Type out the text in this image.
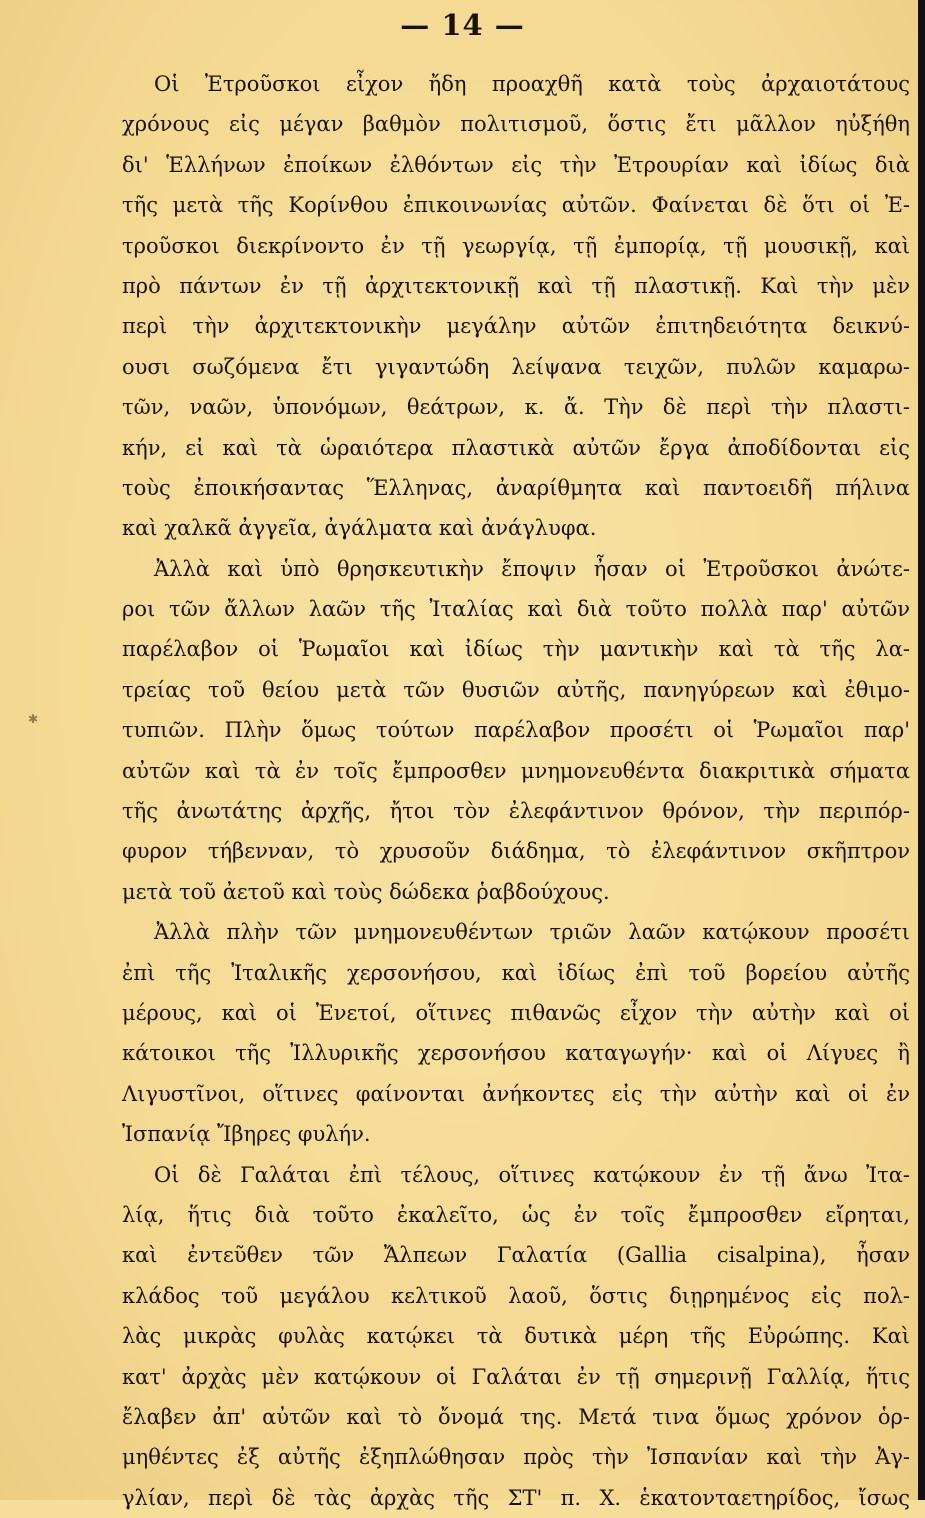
✱
— 14 —
Οἱ Ἐτροῦσκοι εἶχον ἤδη προαχθῆ κατὰ τοὺς ἀρχαιοτάτους
χρόνους εἰς μέγαν βαθμὸν πολιτισμοῦ, ὅστις ἔτι μᾶλλον ηὐξήθη
δι' Ἑλλήνων ἐποίκων ἐλθόντων εἰς τὴν Ἐτρουρίαν καὶ ἰδίως διὰ
τῆς μετὰ τῆς Κορίνθου ἐπικοινωνίας αὐτῶν. Φαίνεται δὲ ὅτι οἱ Ἐ-
τροῦσκοι διεκρίνοντο ἐν τῇ γεωργίᾳ, τῇ ἐμπορίᾳ, τῇ μουσικῇ, καὶ
πρὸ πάντων ἐν τῇ ἀρχιτεκτονικῇ καὶ τῇ πλαστικῇ. Καὶ τὴν μὲν
περὶ τὴν ἀρχιτεκτονικὴν μεγάλην αὐτῶν ἐπιτηδειότητα δεικνύ-
ουσι σωζόμενα ἔτι γιγαντώδη λείψανα τειχῶν, πυλῶν καμαρω-
τῶν, ναῶν, ὑπονόμων, θεάτρων, κ. ἄ. Τὴν δὲ περὶ τὴν πλαστι-
κήν, εἰ καὶ τὰ ὡραιότερα πλαστικὰ αὐτῶν ἔργα ἀποδίδονται εἰς
τοὺς ἐποικήσαντας Ἕλληνας, ἀναρίθμητα καὶ παντοειδῆ πήλινα
καὶ χαλκᾶ ἀγγεῖα, ἀγάλματα καὶ ἀνάγλυφα.
Ἀλλὰ καὶ ὑπὸ θρησκευτικὴν ἔποψιν ἦσαν οἱ Ἐτροῦσκοι ἀνώτε-
ροι τῶν ἄλλων λαῶν τῆς Ἰταλίας καὶ διὰ τοῦτο πολλὰ παρ' αὐτῶν
παρέλαβον οἱ Ῥωμαῖοι καὶ ἰδίως τὴν μαντικὴν καὶ τὰ τῆς λα-
τρείας τοῦ θείου μετὰ τῶν θυσιῶν αὐτῆς, πανηγύρεων καὶ ἐθιμο-
τυπιῶν. Πλὴν ὅμως τούτων παρέλαβον προσέτι οἱ Ῥωμαῖοι παρ'
αὐτῶν καὶ τὰ ἐν τοῖς ἔμπροσθεν μνημονευθέντα διακριτικὰ σήματα
τῆς ἀνωτάτης ἀρχῆς, ἤτοι τὸν ἐλεφάντινον θρόνον, τὴν περιπόρ-
φυρον τήβενναν, τὸ χρυσοῦν διάδημα, τὸ ἐλεφάντινον σκῆπτρον
μετὰ τοῦ ἀετοῦ καὶ τοὺς δώδεκα ῥαβδούχους.
Ἀλλὰ πλὴν τῶν μνημονευθέντων τριῶν λαῶν κατῴκουν προσέτι
ἐπὶ τῆς Ἰταλικῆς χερσονήσου, καὶ ἰδίως ἐπὶ τοῦ βορείου αὐτῆς
μέρους, καὶ οἱ Ἐνετοί, οἵτινες πιθανῶς εἶχον τὴν αὐτὴν καὶ οἱ
κάτοικοι τῆς Ἰλλυρικῆς χερσονήσου καταγωγήν· καὶ οἱ Λίγυες ἢ
Λιγυστῖνοι, οἵτινες φαίνονται ἀνήκοντες εἰς τὴν αὐτὴν καὶ οἱ ἐν
Ἰσπανίᾳ Ἴβηρες φυλήν.
Οἱ δὲ Γαλάται ἐπὶ τέλους, οἵτινες κατῴκουν ἐν τῇ ἄνω Ἰτα-
λίᾳ, ἥτις διὰ τοῦτο ἐκαλεῖτο, ὡς ἐν τοῖς ἔμπροσθεν εἴρηται,
καὶ ἐντεῦθεν τῶν Ἄλπεων Γαλατία (Gallia cisalpina), ἦσαν
κλάδος τοῦ μεγάλου κελτικοῦ λαοῦ, ὅστις διῃρημένος εἰς πολ-
λὰς μικρὰς φυλὰς κατῴκει τὰ δυτικὰ μέρη τῆς Εὐρώπης. Καὶ
κατ' ἀρχὰς μὲν κατῴκουν οἱ Γαλάται ἐν τῇ σημερινῇ Γαλλίᾳ, ἥτις
ἔλαβεν ἀπ' αὐτῶν καὶ τὸ ὄνομά της. Μετά τινα ὅμως χρόνον ὁρ-
μηθέντες ἐξ αὐτῆς ἐξηπλώθησαν πρὸς τὴν Ἰσπανίαν καὶ τὴν Ἀγ-
γλίαν, περὶ δὲ τὰς ἀρχὰς τῆς ΣΤ' π. Χ. ἑκατονταετηρίδος, ἴσως
